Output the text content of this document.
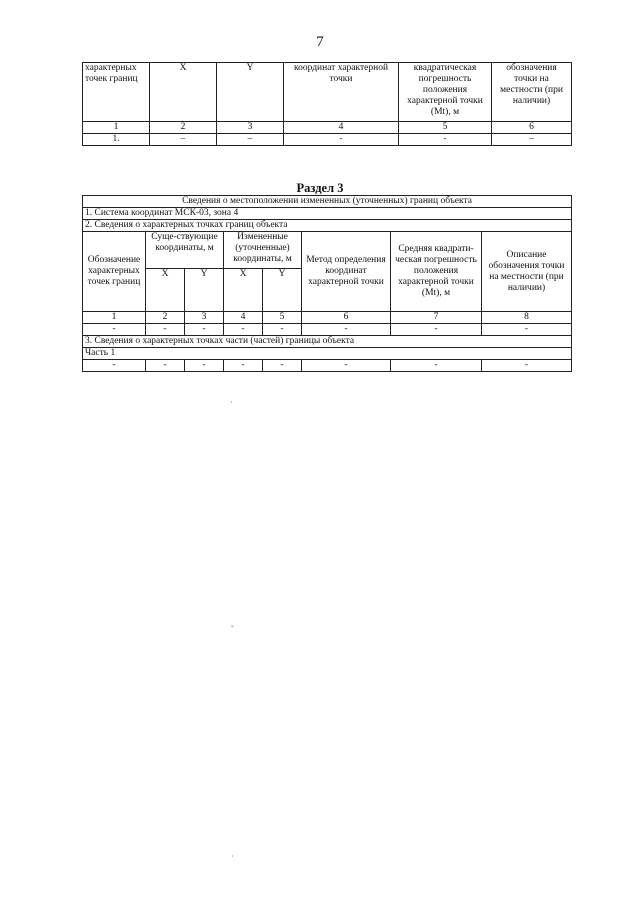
7
характерных точек границ	X	Y	координат характерной точки	квадратическая погрешность положения характерной точки (Mt), м	обозначения точки на местности (при наличии)
1	2	3	4	5	6
1.	–	–	-	-	–
Раздел 3
Сведения о местоположении измененных (уточненных) границ объекта							
1. Система координат МСК-03, зона 4							
2. Сведения о характерных точках границ объекта							
Обозначение характерных точек границ	Суще-ствующие координаты, м		Измененные (уточненные) координаты, м		Метод определения координат характерной точки	Средняя квадрати-ческая погрешность положения характерной точки (Mt), м	Описание обозначения точки на местности (при наличии)
	X	Y	X	Y			
1	2	3	4	5	6	7	8
-	-	-	-	-	-	-	-
3. Сведения о характерных точках части (частей) границы объекта							
Часть 1							
-	-	-	-	-	-	-	-
·
˘
·
